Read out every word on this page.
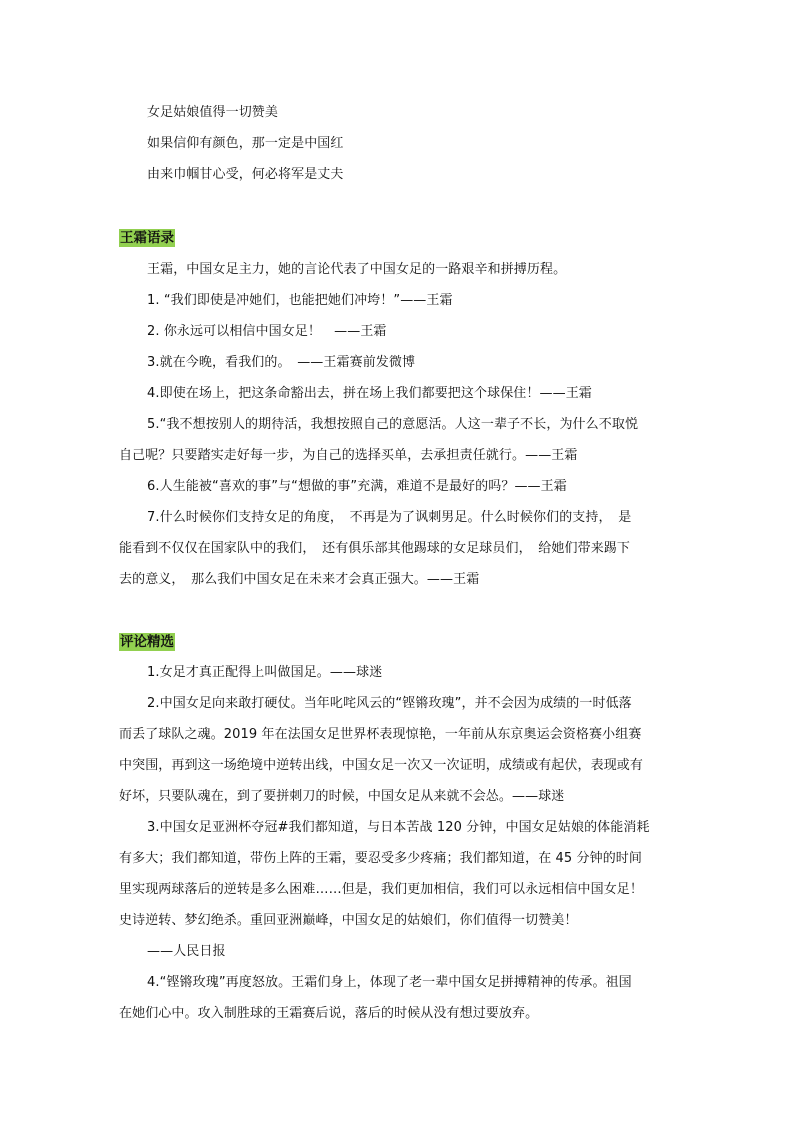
女足姑娘值得一切赞美
如果信仰有颜色，那一定是中国红
由来巾帼甘心受，何必将军是丈夫
王霜语录
王霜，中国女足主力，她的言论代表了中国女足的一路艰辛和拼搏历程。
1. “我们即使是冲她们，也能把她们冲垮！”——王霜
2. 你永远可以相信中国女足！　——王霜
3.就在今晚，看我们的。　——王霜赛前发微博
4.即使在场上，把这条命豁出去，拼在场上我们都要把这个球保住！——王霜
5.“我不想按别人的期待活，我想按照自己的意愿活。人这一辈子不长，为什么不取悦
自己呢？只要踏实走好每一步，为自己的选择买单，去承担责任就行。——王霜
6.人生能被“喜欢的事”与“想做的事”充满，难道不是最好的吗？——王霜
7.什么时候你们支持女足的角度，　不再是为了讽刺男足。什么时候你们的支持，　是
能看到不仅仅在国家队中的我们，　还有俱乐部其他踢球的女足球员们，　给她们带来踢下
去的意义，　那么我们中国女足在未来才会真正强大。——王霜
评论精选
1.女足才真正配得上叫做国足。——球迷
2.中国女足向来敢打硬仗。当年叱咤风云的“铿锵玫瑰”，并不会因为成绩的一时低落
而丢了球队之魂。2019 年在法国女足世界杯表现惊艳，一年前从东京奥运会资格赛小组赛
中突围，再到这一场绝境中逆转出线，中国女足一次又一次证明，成绩或有起伏，表现或有
好坏，只要队魂在，到了要拼刺刀的时候，中国女足从来就不会怂。——球迷
3.中国女足亚洲杯夺冠#我们都知道，与日本苦战 120 分钟，中国女足姑娘的体能消耗
有多大；我们都知道，带伤上阵的王霜，要忍受多少疼痛；我们都知道，在 45 分钟的时间
里实现两球落后的逆转是多么困难……但是，我们更加相信，我们可以永远相信中国女足！
史诗逆转、梦幻绝杀。重回亚洲巅峰，中国女足的姑娘们，你们值得一切赞美！
——人民日报
4.“铿锵玫瑰”再度怒放。王霜们身上，体现了老一辈中国女足拼搏精神的传承。祖国
在她们心中。攻入制胜球的王霜赛后说，落后的时候从没有想过要放弃。
